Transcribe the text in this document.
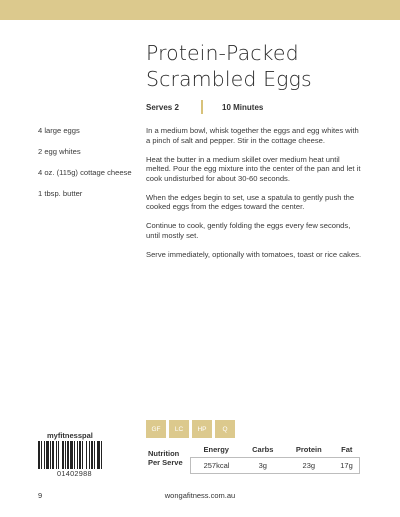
Protein-Packed
Scrambled Eggs
Serves 2	10 Minutes
4 large eggs
2 egg whites
4 oz. (115g) cottage cheese
1 tbsp. butter

In a medium bowl, whisk together the eggs and egg whites with a pinch of salt and pepper. Stir in the cottage cheese.

Heat the butter in a medium skillet over medium heat until melted. Pour the egg mixture into the center of the pan and let it cook undisturbed for about 30-60 seconds.

When the edges begin to set, use a spatula to gently push the cooked eggs from the edges toward the center.

Continue to cook, gently folding the eggs every few seconds, until mostly set.

Serve immediately, optionally with tomatoes, toast or rice cakes.

GF	LC	HP	Q
Nutrition Per Serve	Energy	Carbs	Protein	Fat
	257kcal	3g	23g	17g
myfitnesspal
01402988
9	wongafitness.com.au
